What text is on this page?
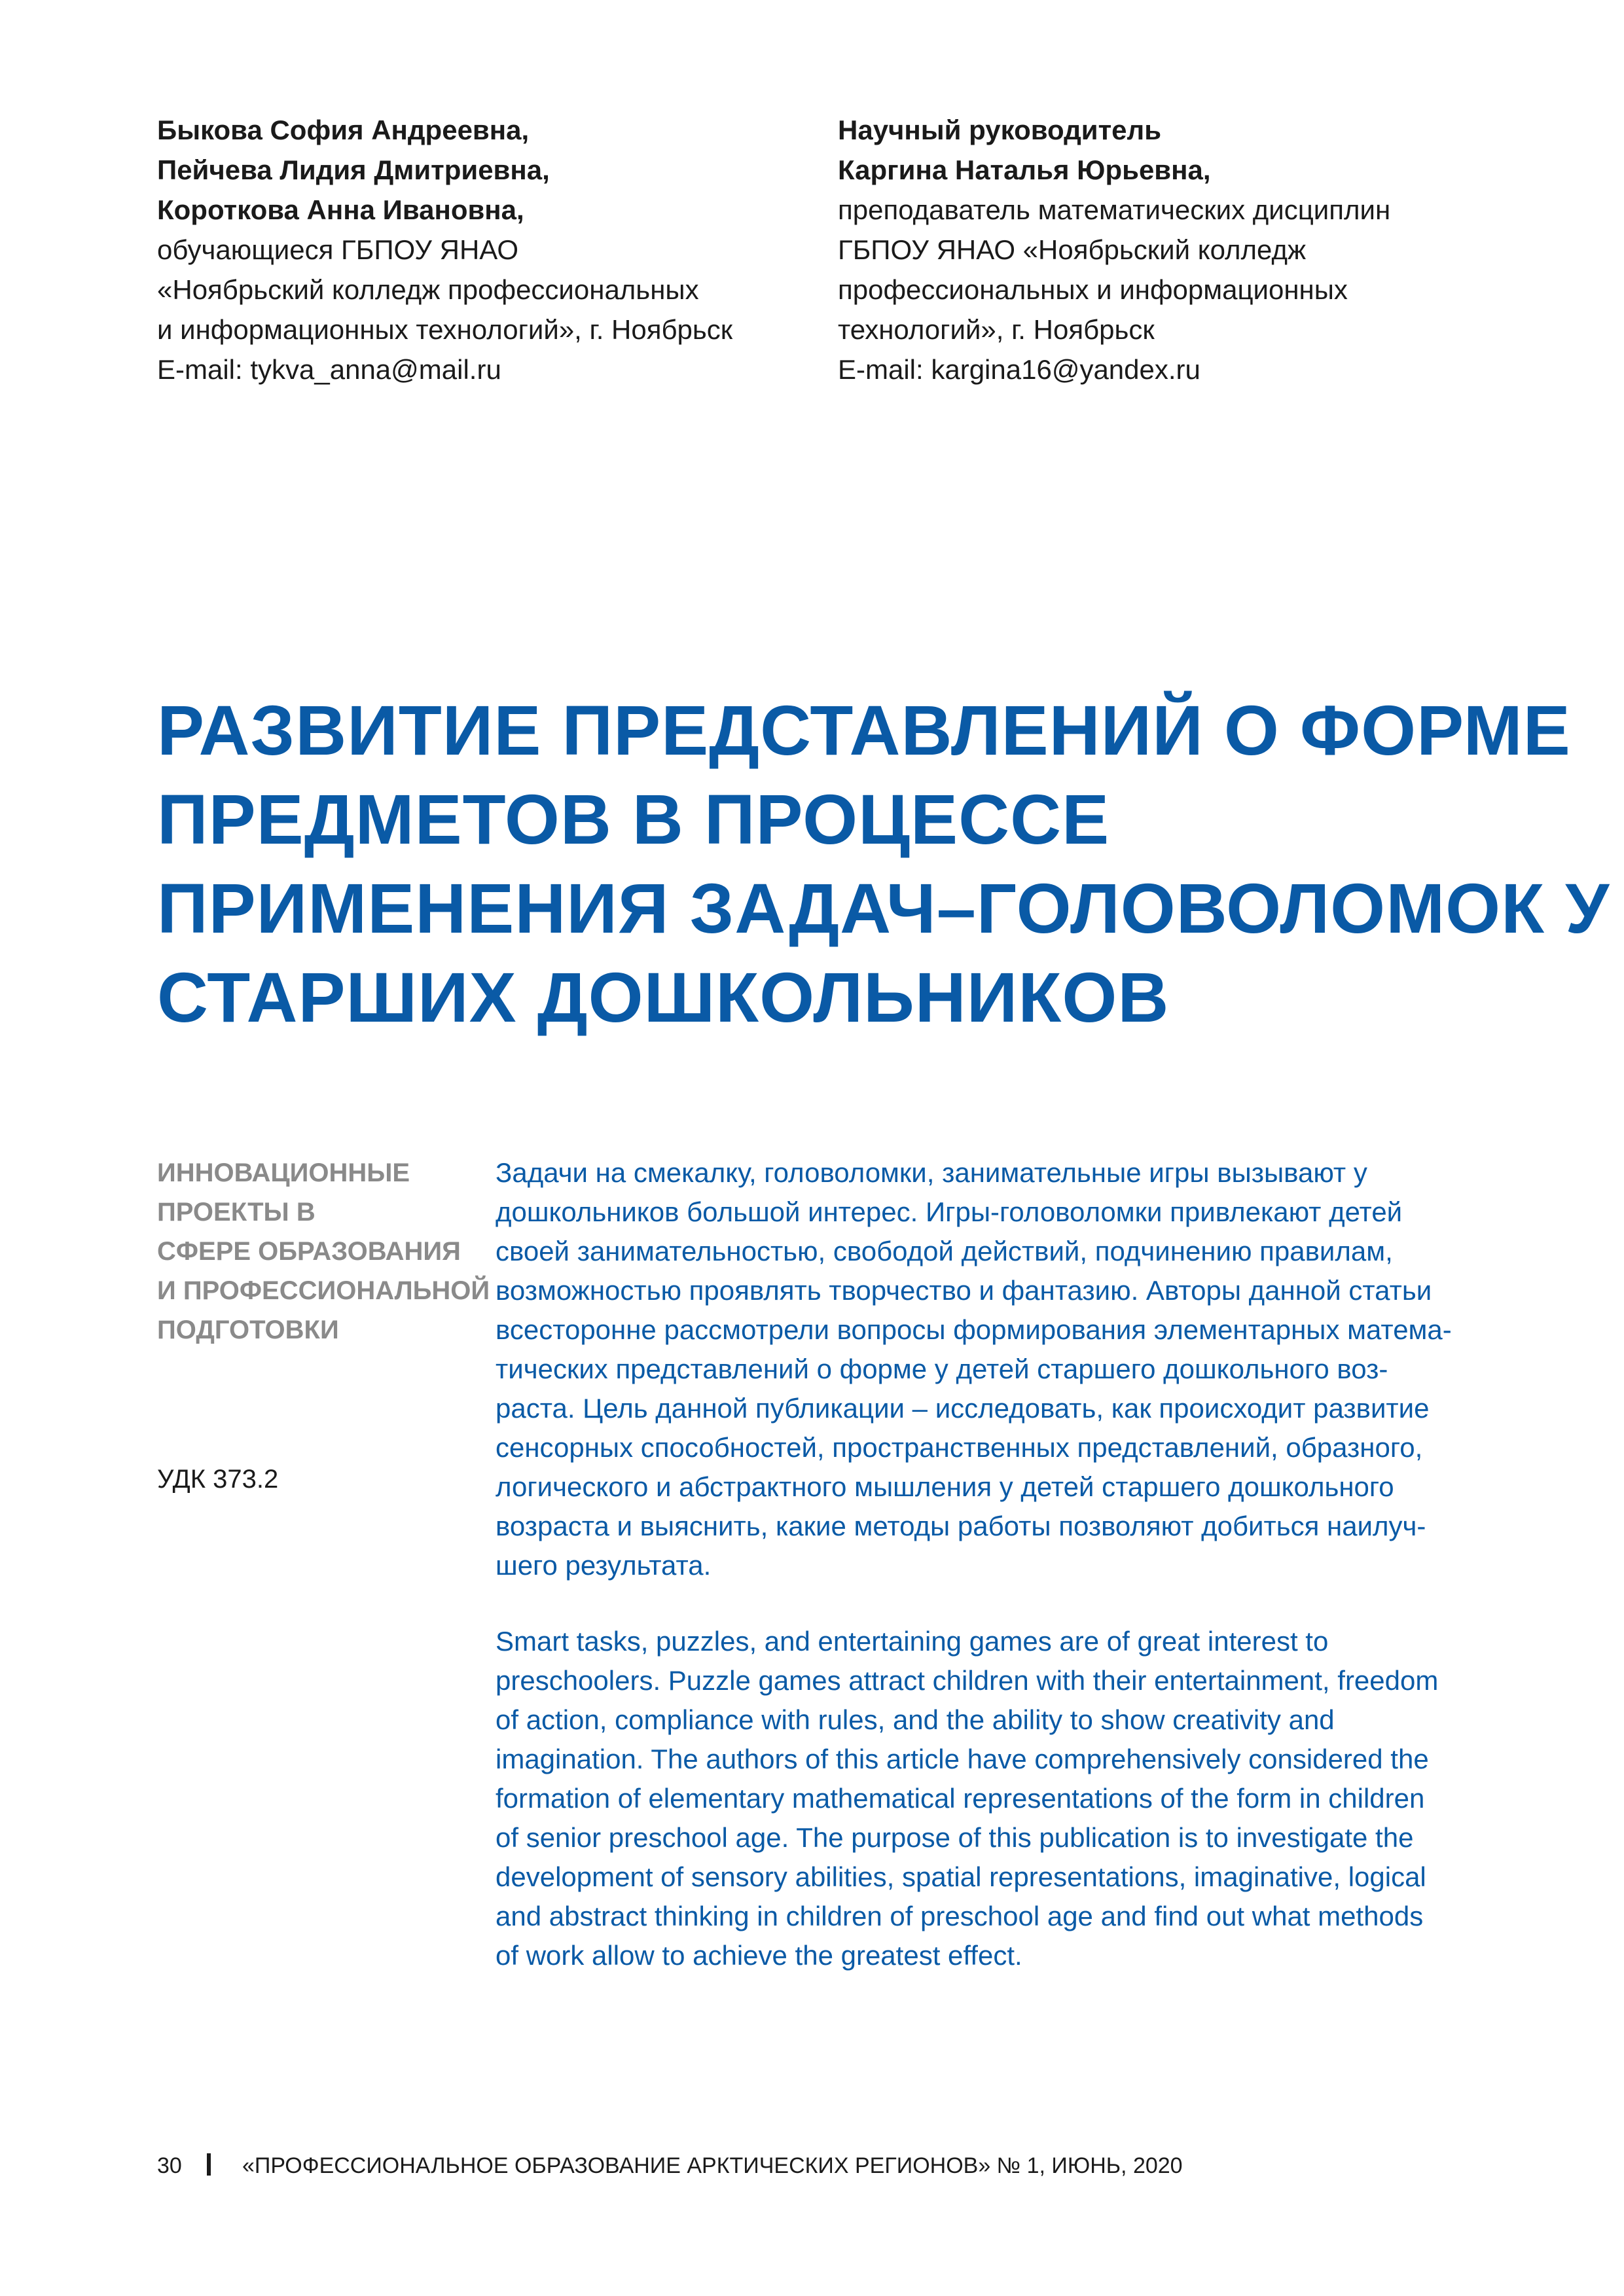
Быкова София Андреевна,
Пейчева Лидия Дмитриевна,
Короткова Анна Ивановна,
обучающиеся ГБПОУ ЯНАО
«Ноябрьский колледж профессиональных
и информационных технологий», г. Ноябрьск
E-mail: tykva_anna@mail.ru
Научный руководитель
Каргина Наталья Юрьевна,
преподаватель математических дисциплин
ГБПОУ ЯНАО «Ноябрьский колледж
профессиональных и информационных
технологий», г. Ноябрьск
E-mail: kargina16@yandex.ru
РАЗВИТИЕ ПРЕДСТАВЛЕНИЙ О ФОРМЕ
ПРЕДМЕТОВ В ПРОЦЕССЕ
ПРИМЕНЕНИЯ ЗАДАЧ–ГОЛОВОЛОМОК У
СТАРШИХ ДОШКОЛЬНИКОВ
ИННОВАЦИОННЫЕ
ПРОЕКТЫ В
СФЕРЕ ОБРАЗОВАНИЯ
И ПРОФЕССИОНАЛЬНОЙ
ПОДГОТОВКИ
УДК 373.2
Задачи на смекалку, головоломки, занимательные игры вызывают у
дошкольников большой интерес. Игры-головоломки привлекают детей
своей занимательностью, свободой действий, подчинению правилам,
возможностью проявлять творчество и фантазию. Авторы данной статьи
всесторонне рассмотрели вопросы формирования элементарных матема-
тических представлений о форме у детей старшего дошкольного воз-
раста. Цель данной публикации – исследовать, как происходит развитие
сенсорных способностей, пространственных представлений, образного,
логического и абстрактного мышления у детей старшего дошкольного
возраста и выяснить, какие методы работы позволяют добиться наилуч-
шего результата.
Smart tasks, puzzles, and entertaining games are of great interest to
preschoolers. Puzzle games attract children with their entertainment, freedom
of action, compliance with rules, and the ability to show creativity and
imagination. The authors of this article have comprehensively considered the
formation of elementary mathematical representations of the form in children
of senior preschool age. The purpose of this publication is to investigate the
development of sensory abilities, spatial representations, imaginative, logical
and abstract thinking in children of preschool age and find out what methods
of work allow to achieve the greatest effect.
30	«ПРОФЕССИОНАЛЬНОЕ ОБРАЗОВАНИЕ АРКТИЧЕСКИХ РЕГИОНОВ» № 1, ИЮНЬ, 2020
